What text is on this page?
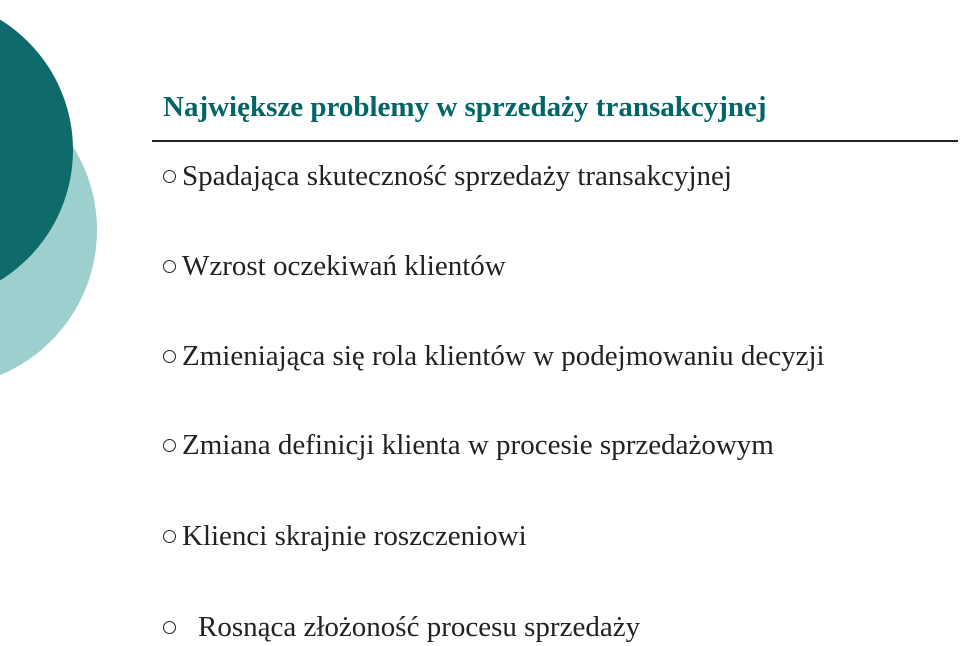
Największe problemy w sprzedaży transakcyjnej
Spadająca skuteczność sprzedaży transakcyjnej
Wzrost oczekiwań klientów
Zmieniająca się rola klientów w podejmowaniu decyzji
Zmiana definicji klienta w procesie sprzedażowym
Klienci skrajnie roszczeniowi
Rosnąca złożoność procesu sprzedaży
